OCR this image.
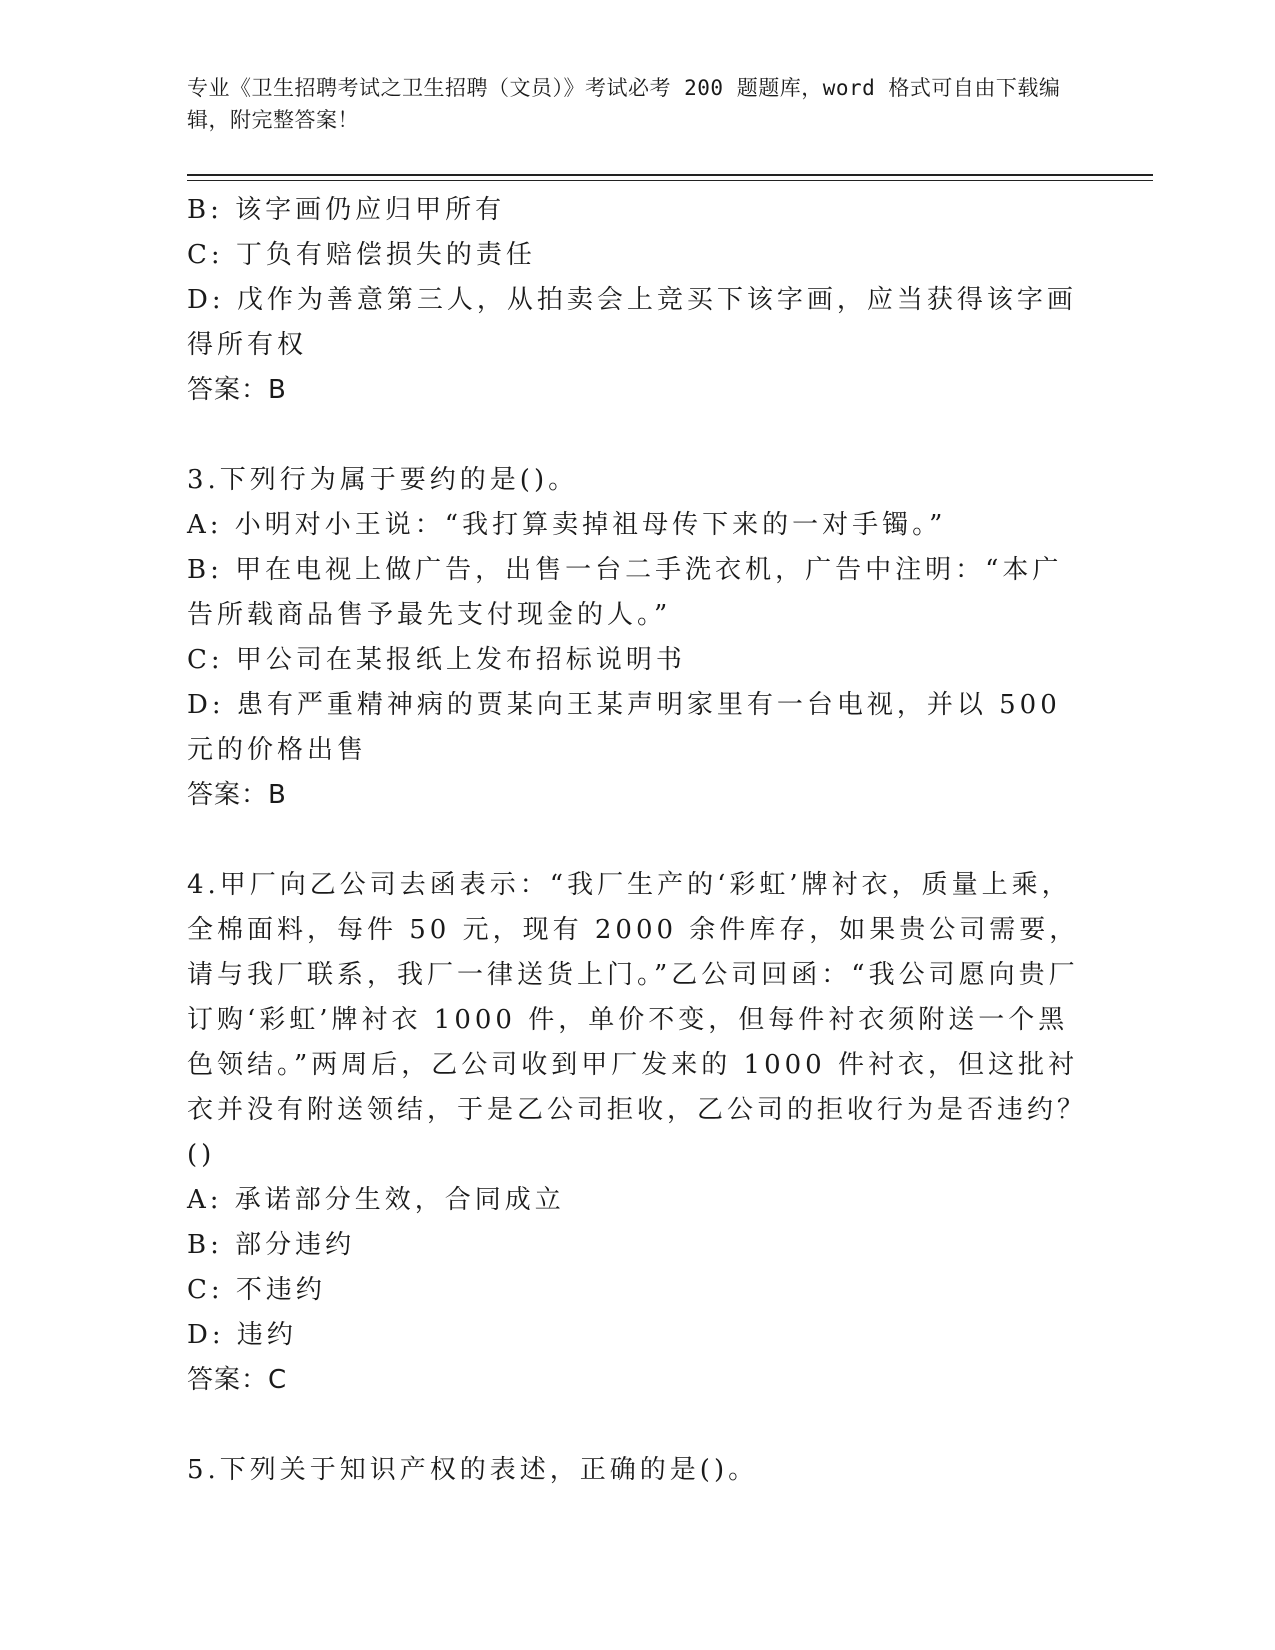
专业《卫生招聘考试之卫生招聘（文员）》考试必考 200 题题库，word 格式可自由下载编辑，附完整答案！
B: 该字画仍应归甲所有
C: 丁负有赔偿损失的责任
D: 戊作为善意第三人，从拍卖会上竞买下该字画，应当获得该字画得所有权
答案：B
3.下列行为属于要约的是()。
A: 小明对小王说：“我打算卖掉祖母传下来的一对手镯。”
B: 甲在电视上做广告，出售一台二手洗衣机，广告中注明：“本广告所载商品售予最先支付现金的人。”
C: 甲公司在某报纸上发布招标说明书
D: 患有严重精神病的贾某向王某声明家里有一台电视，并以 500 元的价格出售
答案：B
4.甲厂向乙公司去函表示：“我厂生产的‘彩虹’牌衬衣，质量上乘，全棉面料，每件 50 元，现有 2000 余件库存，如果贵公司需要，请与我厂联系，我厂一律送货上门。”乙公司回函：“我公司愿向贵厂订购‘彩虹’牌衬衣 1000 件，单价不变，但每件衬衣须附送一个黑色领结。”两周后，乙公司收到甲厂发来的 1000 件衬衣，但这批衬衣并没有附送领结，于是乙公司拒收，乙公司的拒收行为是否违约？()
A: 承诺部分生效，合同成立
B: 部分违约
C: 不违约
D: 违约
答案：C
5.下列关于知识产权的表述，正确的是()。
